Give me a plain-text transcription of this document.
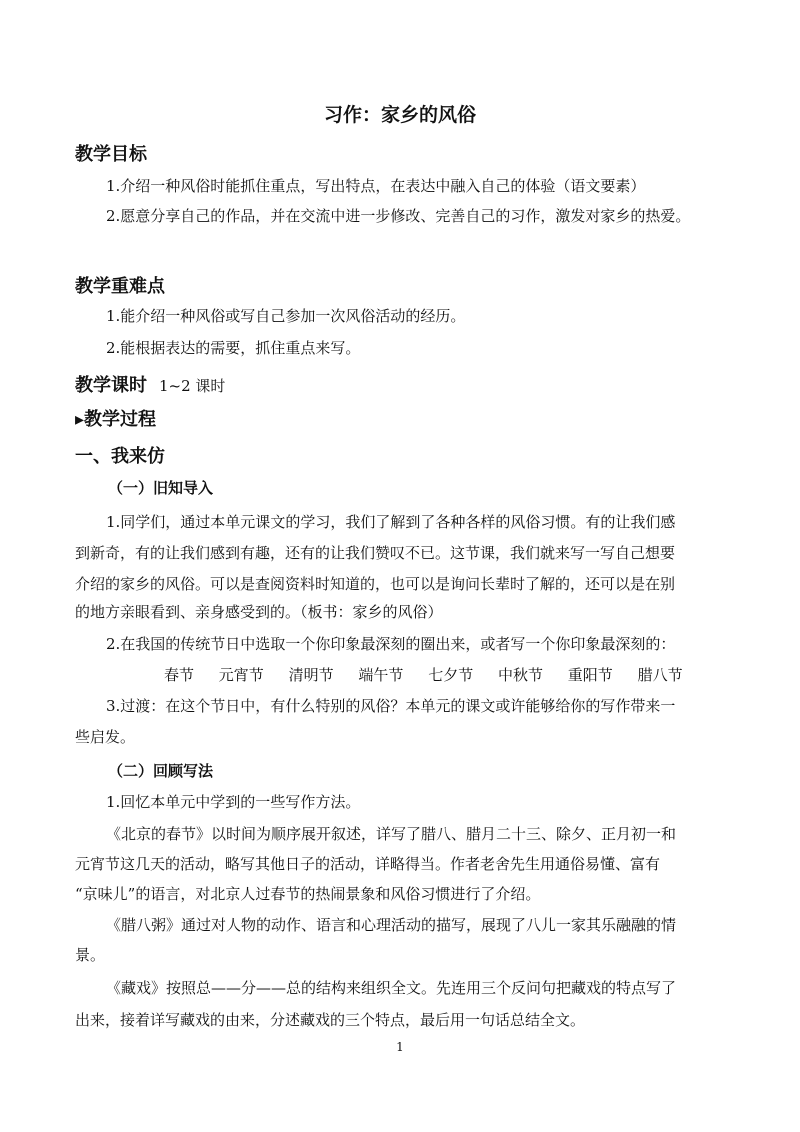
习作：家乡的风俗
教学目标
1.介绍一种风俗时能抓住重点，写出特点，在表达中融入自己的体验（语文要素）
2.愿意分享自己的作品，并在交流中进一步修改、完善自己的习作，激发对家乡的热爱。
教学重难点
1.能介绍一种风俗或写自己参加一次风俗活动的经历。
2.能根据表达的需要，抓住重点来写。
教学课时 1~2 课时
▸教学过程
一、我来仿
（一）旧知导入
1.同学们，通过本单元课文的学习，我们了解到了各种各样的风俗习惯。有的让我们感
到新奇，有的让我们感到有趣，还有的让我们赞叹不已。这节课，我们就来写一写自己想要
介绍的家乡的风俗。可以是查阅资料时知道的，也可以是询问长辈时了解的，还可以是在别
的地方亲眼看到、亲身感受到的。（板书：家乡的风俗）
2.在我国的传统节日中选取一个你印象最深刻的圈出来，或者写一个你印象最深刻的：
春节 元宵节 清明节 端午节 七夕节 中秋节 重阳节 腊八节
3.过渡：在这个节日中，有什么特别的风俗？本单元的课文或许能够给你的写作带来一
些启发。
（二）回顾写法
1.回忆本单元中学到的一些写作方法。
《北京的春节》以时间为顺序展开叙述，详写了腊八、腊月二十三、除夕、正月初一和
元宵节这几天的活动，略写其他日子的活动，详略得当。作者老舍先生用通俗易懂、富有
“京味儿”的语言，对北京人过春节的热闹景象和风俗习惯进行了介绍。
《腊八粥》通过对人物的动作、语言和心理活动的描写，展现了八儿一家其乐融融的情
景。
《藏戏》按照总——分——总的结构来组织全文。先连用三个反问句把藏戏的特点写了
出来，接着详写藏戏的由来，分述藏戏的三个特点，最后用一句话总结全文。
1
